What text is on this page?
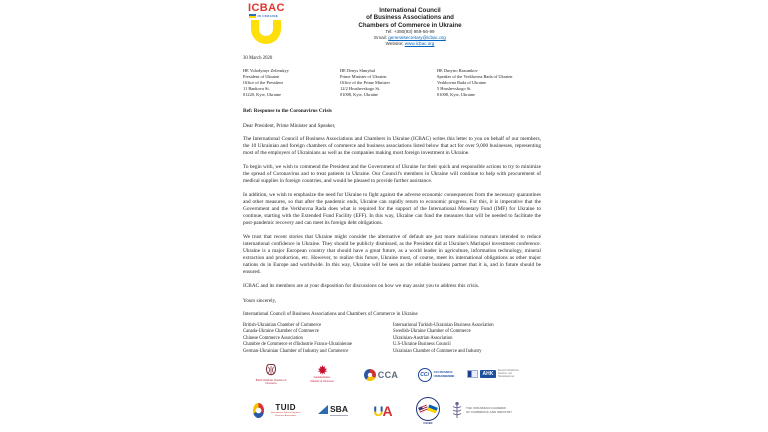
ICBAC
IN UKRAINE
International Council
of Business Associations and
Chambers of Commerce in Ukraine
Tel: +380(93) 959-56-99
Email: generalsecretary@icbac.org
Website: www.icbac.org
30 March 2020
HE Volodymyr Zelenskyy
President of Ukraine
Office of the President
11 Bankova St.
01220, Kyiv, Ukraine
HE Denys Shmyhal
Prime Minister of Ukraine
Office of the Prime Minister
12/2 Hrushevskogo St.
01008, Kyiv, Ukraine
HE Dmytro Razumkov
Speaker of the Verkhovna Rada of Ukraine
Verkhovna Rada of Ukraine
5 Hrushevskogo St.
01008, Kyiv, Ukraine
Ref: Response to the Coronavirus Crisis
Dear President, Prime Minister and Speaker,

The International Council of Business Associations and Chambers in Ukraine (ICBAC) writes this letter to you on behalf of our members, the 10 Ukrainian and foreign chambers of commerce and business associations listed below that act for over 9,000 businesses, representing most of the employers of Ukrainians as well as the companies making most foreign investment in Ukraine.

To begin with, we wish to commend the President and the Government of Ukraine for their quick and responsible actions to try to minimize the spread of Coronavirus and to treat patients in Ukraine. Our Council's members in Ukraine will continue to help with procurement of medical supplies in foreign countries, and would be pleased to provide further assistance.

In addition, we wish to emphasize the need for Ukraine to fight against the adverse economic consequences from the necessary quarantines and other measures, so that after the pandemic ends, Ukraine can rapidly return to economic progress. For this, it is imperative that the Government and the Verkhovna Rada does what is required for the support of the International Monetary Fund (IMF) for Ukraine to continue, starting with the Extended Fund Facility (EFF). In this way, Ukraine can fund the measures that will be needed to facilitate the post-pandemic recovery and can meet its foreign debt obligations.

We trust that recent stories that Ukraine might consider the alternative of default are just more malicious rumours intended to reduce international confidence in Ukraine. They should be publicly dismissed, as the President did at Ukraine's Mariupol investment conference. Ukraine is a major European country that should have a great future, as a world leader in agriculture, information technology, mineral extraction and production, etc. However, to realize this future, Ukraine must, of course, meet its international obligations as other major nations do in Europe and worldwide. In this way, Ukraine will be seen as the reliable business partner that it is, and in future should be ensured.

ICBAC and its members are at your disposition for discussions on how we may assist you to address this crisis.

Yours sincerely,
International Council of Business Associations and Chambers of Commerce in Ukraine
British-Ukrainian Chamber of Commerce
Canada-Ukraine Chamber of Commerce
Chinese Commerce Association
Chambre de Commerce et d'Industrie Franco-Ukrainienne
German-Ukrainian Chamber of Industry and Commerce
International Turkish-Ukrainian Business Association
Swedish-Ukraine Chamber of Commerce
Ukrainian-Austrian Association
U.S-Ukraine Business Council
Ukrainian Chamber of Commerce and Industry
British Ukrainian Chamber of Commerce
Canada-Ukraine
Chamber of Commerce
CCA	CCi	CCI FRANCO
UKRAINIENNE	AHK
Deutsch-Ukrainische
Industrie- und
Handelskammer
TUID
International Turkish-Ukrainian Business Association
SBA U A
USUBC
THE UKRAINIAN CHAMBER
OF COMMERCE AND INDUSTRY
